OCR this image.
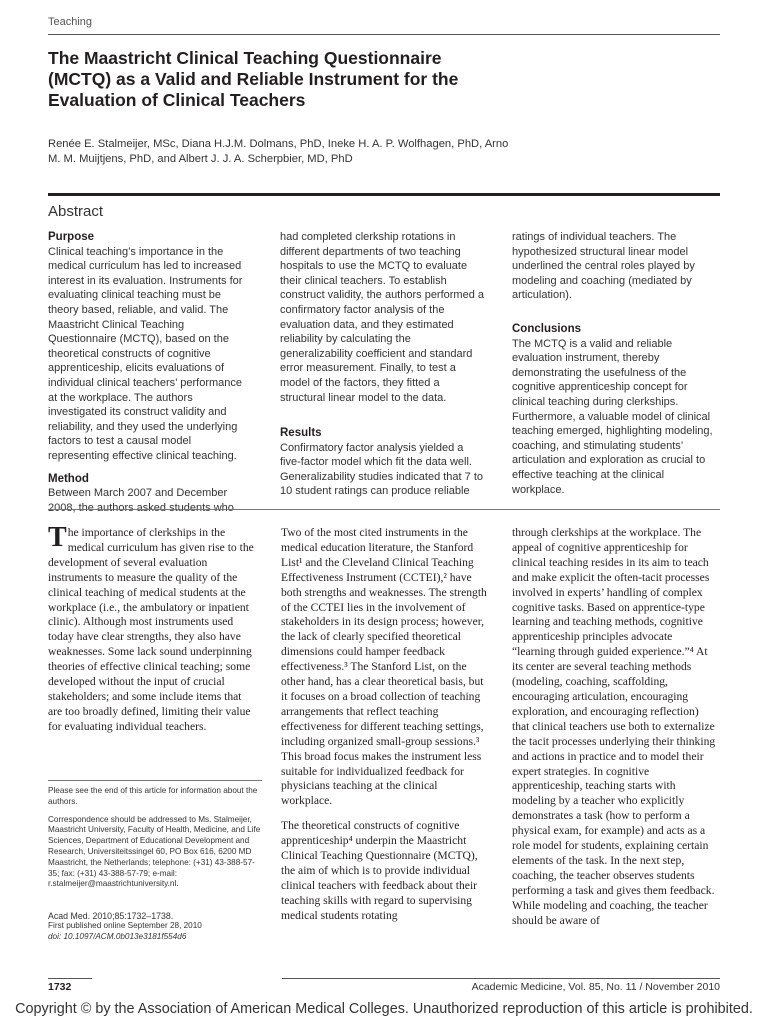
Teaching
The Maastricht Clinical Teaching Questionnaire (MCTQ) as a Valid and Reliable Instrument for the Evaluation of Clinical Teachers
Renée E. Stalmeijer, MSc, Diana H.J.M. Dolmans, PhD, Ineke H. A. P. Wolfhagen, PhD, Arno M. M. Muijtjens, PhD, and Albert J. J. A. Scherpbier, MD, PhD
Abstract
Purpose

Clinical teaching’s importance in the medical curriculum has led to increased interest in its evaluation. Instruments for evaluating clinical teaching must be theory based, reliable, and valid. The Maastricht Clinical Teaching Questionnaire (MCTQ), based on the theoretical constructs of cognitive apprenticeship, elicits evaluations of individual clinical teachers’ performance at the workplace. The authors investigated its construct validity and reliability, and they used the underlying factors to test a causal model representing effective clinical teaching.

Method

Between March 2007 and December 2008, the authors asked students who

had completed clerkship rotations in different departments of two teaching hospitals to use the MCTQ to evaluate their clinical teachers. To establish construct validity, the authors performed a confirmatory factor analysis of the evaluation data, and they estimated reliability by calculating the generalizability coefficient and standard error measurement. Finally, to test a model of the factors, they fitted a structural linear model to the data.

Results

Confirmatory factor analysis yielded a five-factor model which fit the data well. Generalizability studies indicated that 7 to 10 student ratings can produce reliable

ratings of individual teachers. The hypothesized structural linear model underlined the central roles played by modeling and coaching (mediated by articulation).

Conclusions

The MCTQ is a valid and reliable evaluation instrument, thereby demonstrating the usefulness of the cognitive apprenticeship concept for clinical teaching during clerkships. Furthermore, a valuable model of clinical teaching emerged, highlighting modeling, coaching, and stimulating students’ articulation and exploration as crucial to effective teaching at the clinical workplace.

The importance of clerkships in the medical curriculum has given rise to the development of several evaluation instruments to measure the quality of the clinical teaching of medical students at the workplace (i.e., the ambulatory or inpatient clinic). Although most instruments used today have clear strengths, they also have weaknesses. Some lack sound underpinning theories of effective clinical teaching; some developed without the input of crucial stakeholders; and some include items that are too broadly defined, limiting their value for evaluating individual teachers.

Please see the end of this article for information about the authors.

Correspondence should be addressed to Ms. Stalmeijer, Maastricht University, Faculty of Health, Medicine, and Life Sciences, Department of Educational Development and Research, Universiteitssingel 60, PO Box 616, 6200 MD Maastricht, the Netherlands; telephone: (+31) 43-388-57-35; fax: (+31) 43-388-57-79; e-mail: r.stalmeijer@maastrichtuniversity.nl.

Acad Med. 2010;85:1732–1738.
First published online September 28, 2010
doi: 10.1097/ACM.0b013e3181f554d6

Two of the most cited instruments in the medical education literature, the Stanford List¹ and the Cleveland Clinical Teaching Effectiveness Instrument (CCTEI),² have both strengths and weaknesses. The strength of the CCTEI lies in the involvement of stakeholders in its design process; however, the lack of clearly specified theoretical dimensions could hamper feedback effectiveness.³ The Stanford List, on the other hand, has a clear theoretical basis, but it focuses on a broad collection of teaching arrangements that reflect teaching effectiveness for different teaching settings, including organized small-group sessions.³ This broad focus makes the instrument less suitable for individualized feedback for physicians teaching at the clinical workplace.

The theoretical constructs of cognitive apprenticeship⁴ underpin the Maastricht Clinical Teaching Questionnaire (MCTQ), the aim of which is to provide individual clinical teachers with feedback about their teaching skills with regard to supervising medical students rotating

through clerkships at the workplace. The appeal of cognitive apprenticeship for clinical teaching resides in its aim to teach and make explicit the often-tacit processes involved in experts’ handling of complex cognitive tasks. Based on apprentice-type learning and teaching methods, cognitive apprenticeship principles advocate “learning through guided experience.”⁴ At its center are several teaching methods (modeling, coaching, scaffolding, encouraging articulation, encouraging exploration, and encouraging reflection) that clinical teachers use both to externalize the tacit processes underlying their thinking and actions in practice and to model their expert strategies. In cognitive apprenticeship, teaching starts with modeling by a teacher who explicitly demonstrates a task (how to perform a physical exam, for example) and acts as a role model for students, explaining certain elements of the task. In the next step, coaching, the teacher observes students performing a task and gives them feedback. While modeling and coaching, the teacher should be aware of

1732	Academic Medicine, Vol. 85, No. 11 / November 2010
Copyright © by the Association of American Medical Colleges. Unauthorized reproduction of this article is prohibited.
